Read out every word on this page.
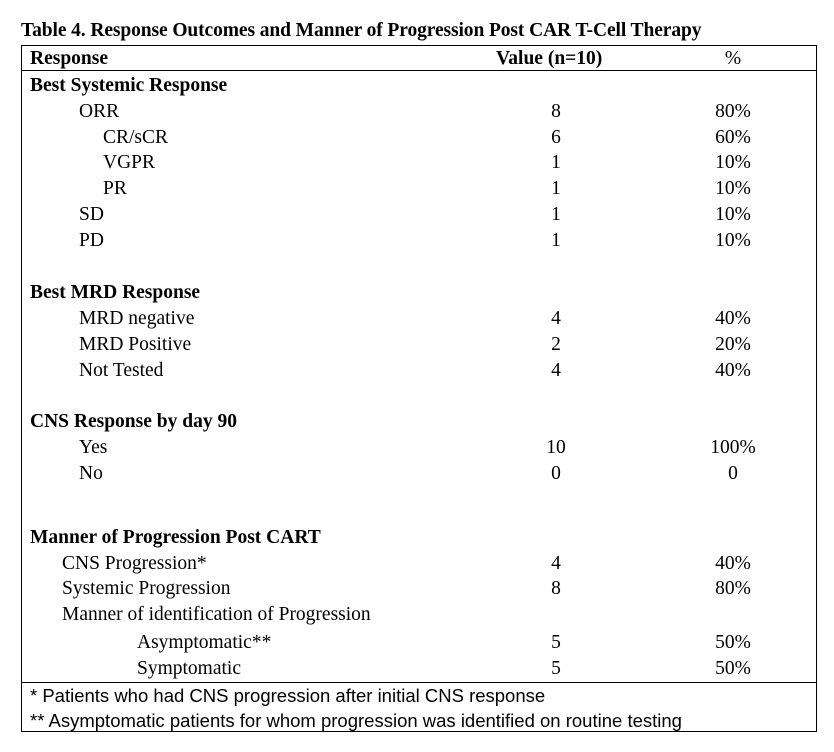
Table 4. Response Outcomes and Manner of Progression Post CAR T-Cell Therapy
Response	Value (n=10)	%
Best Systemic Response
ORR	8	80%
CR/sCR	6	60%
VGPR	1	10%
PR	1	10%
SD	1	10%
PD	1	10%
Best MRD Response
MRD negative	4	40%
MRD Positive	2	20%
Not Tested	4	40%
CNS Response by day 90
Yes	10	100%
No	0	0
Manner of Progression Post CART
CNS Progression*	4	40%
Systemic Progression	8	80%
Manner of identification of Progression
Asymptomatic**	5	50%
Symptomatic	5	50%
* Patients who had CNS progression after initial CNS response
** Asymptomatic patients for whom progression was identified on routine testing
